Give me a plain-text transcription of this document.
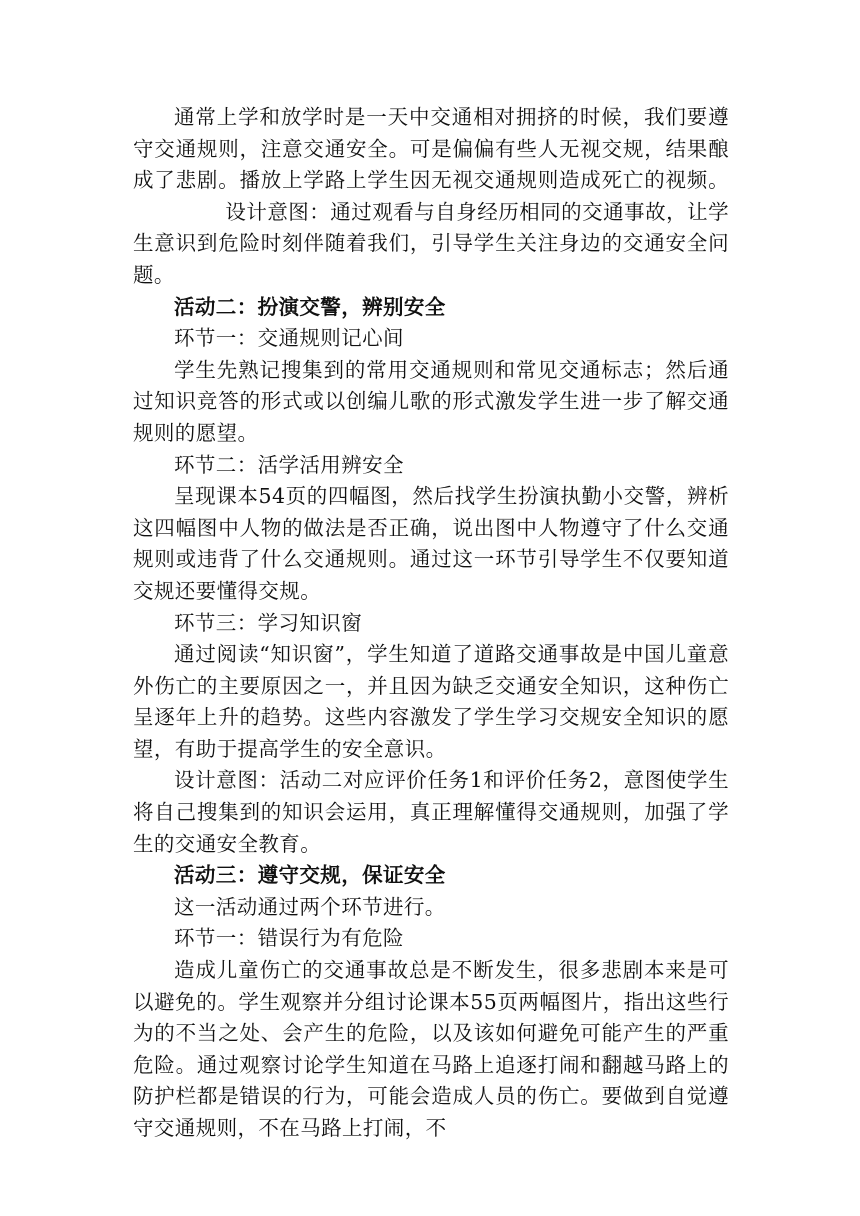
通常上学和放学时是一天中交通相对拥挤的时候，我们要遵守交通规则，注意交通安全。可是偏偏有些人无视交规，结果酿成了悲剧。播放上学路上学生因无视交通规则造成死亡的视频。设计意图：通过观看与自身经历相同的交通事故，让学生意识到危险时刻伴随着我们，引导学生关注身边的交通安全问题。

活动二：扮演交警，辨别安全

环节一：交通规则记心间

学生先熟记搜集到的常用交通规则和常见交通标志；然后通过知识竞答的形式或以创编儿歌的形式激发学生进一步了解交通规则的愿望。

环节二：活学活用辨安全

呈现课本54页的四幅图，然后找学生扮演执勤小交警，辨析这四幅图中人物的做法是否正确，说出图中人物遵守了什么交通规则或违背了什么交通规则。通过这一环节引导学生不仅要知道交规还要懂得交规。

环节三：学习知识窗

通过阅读“知识窗”，学生知道了道路交通事故是中国儿童意外伤亡的主要原因之一，并且因为缺乏交通安全知识，这种伤亡呈逐年上升的趋势。这些内容激发了学生学习交规安全知识的愿望，有助于提高学生的安全意识。

设计意图：活动二对应评价任务1和评价任务2，意图使学生将自己搜集到的知识会运用，真正理解懂得交通规则，加强了学生的交通安全教育。

活动三：遵守交规，保证安全

这一活动通过两个环节进行。

环节一：错误行为有危险

造成儿童伤亡的交通事故总是不断发生，很多悲剧本来是可以避免的。学生观察并分组讨论课本55页两幅图片，指出这些行为的不当之处、会产生的危险，以及该如何避免可能产生的严重危险。通过观察讨论学生知道在马路上追逐打闹和翻越马路上的防护栏都是错误的行为，可能会造成人员的伤亡。要做到自觉遵守交通规则，不在马路上打闹，不
